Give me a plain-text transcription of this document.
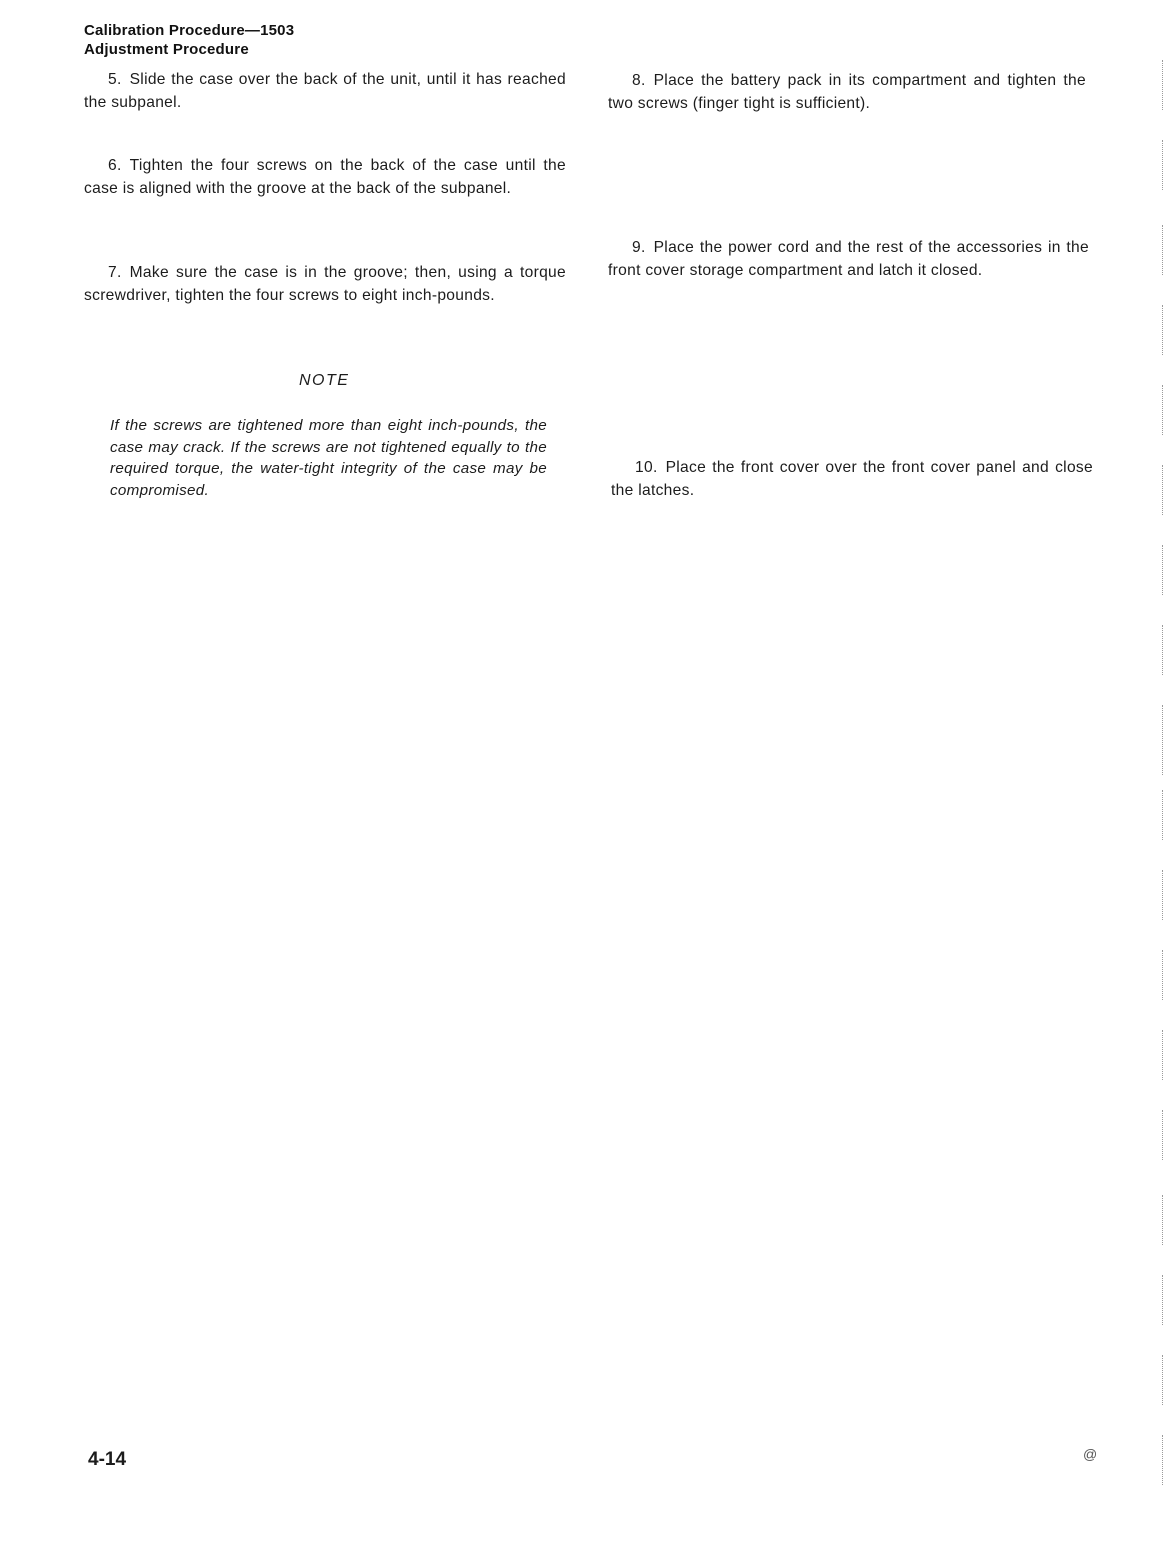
Calibration Procedure—1503
Adjustment Procedure
5. Slide the case over the back of the unit, until it has reached the subpanel.
6. Tighten the four screws on the back of the case until the case is aligned with the groove at the back of the subpanel.
7. Make sure the case is in the groove; then, using a torque screwdriver, tighten the four screws to eight inch-pounds.
NOTE
If the screws are tightened more than eight inch-pounds, the case may crack. If the screws are not tightened equally to the required torque, the water-tight integrity of the case may be compromised.
8. Place the battery pack in its compartment and tighten the two screws (finger tight is sufficient).
9. Place the power cord and the rest of the accessories in the front cover storage compartment and latch it closed.
10. Place the front cover over the front cover panel and close the latches.
4-14	@
